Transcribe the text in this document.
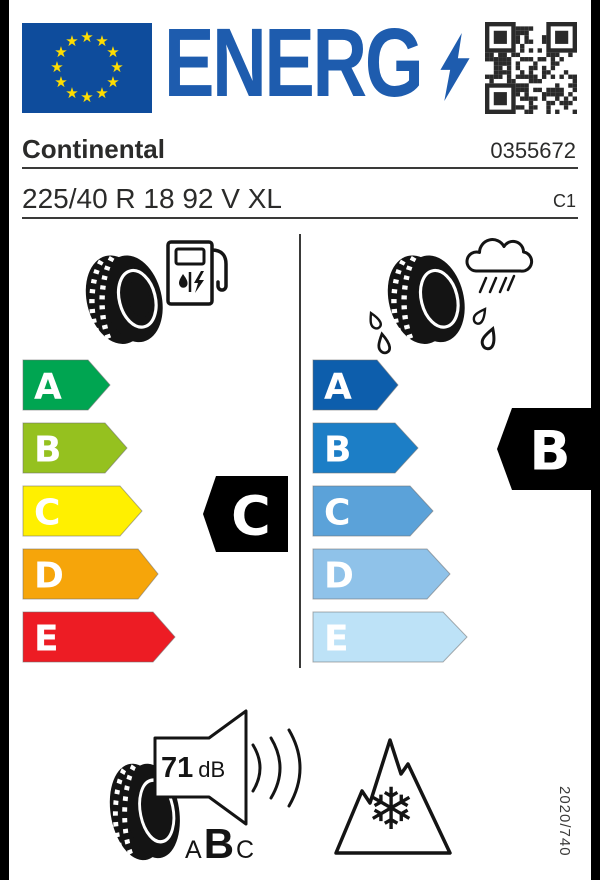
★ ★
★
★
★
★
★
★
★
★
★
★ ENERG
Continental	0355672
225/40 R 18 92 V XL	C1
A
B
C
D
E
A
B
C
D
E
C
B
71 dB
A B C
❄	2020/740
